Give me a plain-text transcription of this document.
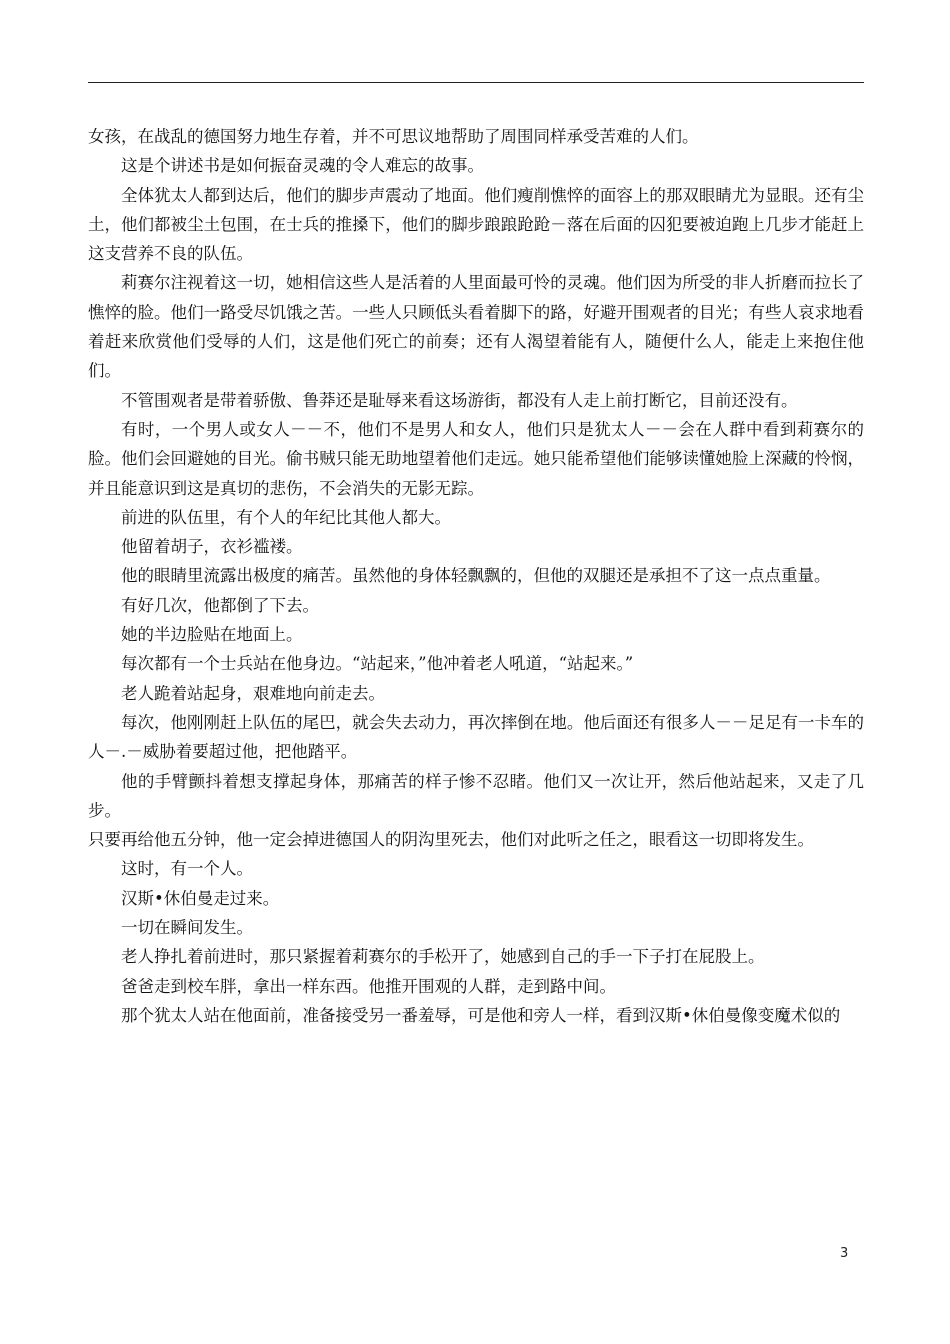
女孩，在战乱的德国努力地生存着，并不可思议地帮助了周围同样承受苦难的人们。

这是个讲述书是如何振奋灵魂的令人难忘的故事。

全体犹太人都到达后，他们的脚步声震动了地面。他们瘦削憔悴的面容上的那双眼睛尤为显眼。还有尘土，他们都被尘土包围，在士兵的推搡下，他们的脚步踉踉跄跄－落在后面的囚犯要被迫跑上几步才能赶上这支营养不良的队伍。

莉赛尔注视着这一切，她相信这些人是活着的人里面最可怜的灵魂。他们因为所受的非人折磨而拉长了憔悴的脸。他们一路受尽饥饿之苦。一些人只顾低头看着脚下的路，好避开围观者的目光；有些人哀求地看着赶来欣赏他们受辱的人们，这是他们死亡的前奏；还有人渴望着能有人，随便什么人，能走上来抱住他们。

不管围观者是带着骄傲、鲁莽还是耻辱来看这场游街，都没有人走上前打断它，目前还没有。

有时，一个男人或女人－－不，他们不是男人和女人，他们只是犹太人－－会在人群中看到莉赛尔的脸。他们会回避她的目光。偷书贼只能无助地望着他们走远。她只能希望他们能够读懂她脸上深藏的怜悯，并且能意识到这是真切的悲伤，不会消失的无影无踪。

前进的队伍里，有个人的年纪比其他人都大。

他留着胡子，衣衫褴褛。

他的眼睛里流露出极度的痛苦。虽然他的身体轻飘飘的，但他的双腿还是承担不了这一点点重量。

有好几次，他都倒了下去。

她的半边脸贴在地面上。

每次都有一个士兵站在他身边。“站起来，”他冲着老人吼道，“站起来。”

老人跪着站起身，艰难地向前走去。

每次，他刚刚赶上队伍的尾巴，就会失去动力，再次摔倒在地。他后面还有很多人－－足足有一卡车的人－.－威胁着要超过他，把他踏平。

他的手臂颤抖着想支撑起身体，那痛苦的样子惨不忍睹。他们又一次让开，然后他站起来，又走了几步。

只要再给他五分钟，他一定会掉进德国人的阴沟里死去，他们对此听之任之，眼看这一切即将发生。

这时，有一个人。

汉斯•休伯曼走过来。

一切在瞬间发生。

老人挣扎着前进时，那只紧握着莉赛尔的手松开了，她感到自己的手一下子打在屁股上。

爸爸走到校车胖，拿出一样东西。他推开围观的人群，走到路中间。

那个犹太人站在他面前，准备接受另一番羞辱，可是他和旁人一样，看到汉斯•休伯曼像变魔术似的

3
